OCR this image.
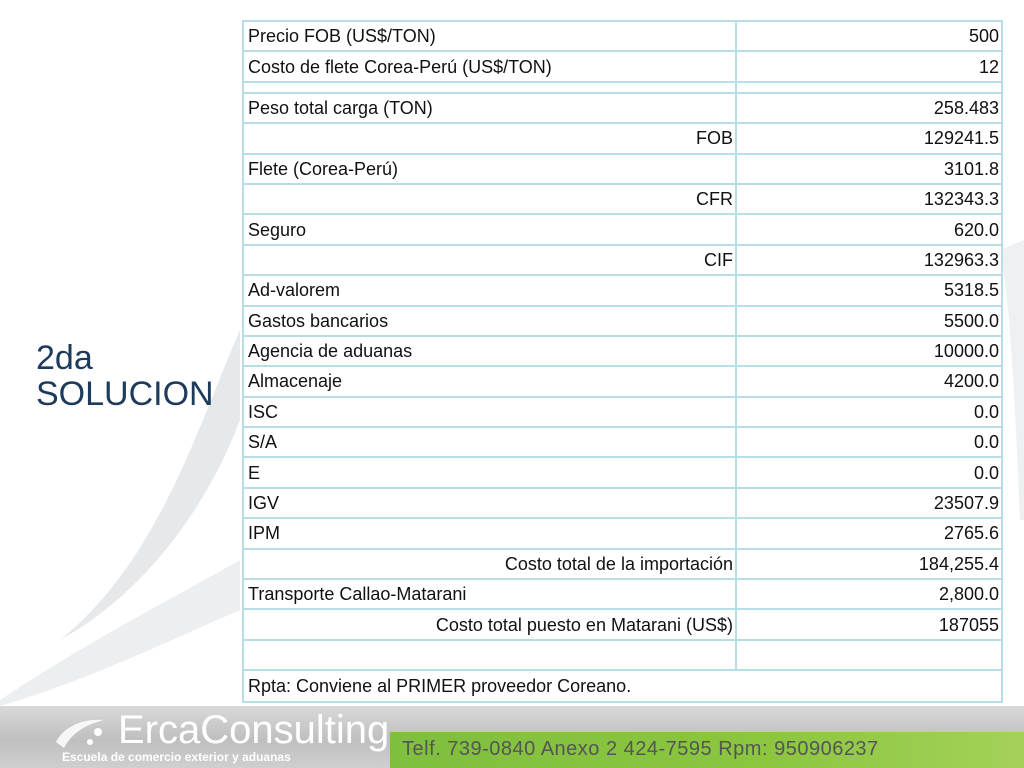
ErcaConsulting
Escuela de comercio exterior y aduanas	Telf. 739-0840 Anexo 2 424-7595 Rpm: 950906237
2da
SOLUCION
Precio FOB (US$/TON)	500
Costo de flete Corea-Perú (US$/TON)	12

Peso total carga (TON)	258.483
FOB	129241.5
Flete (Corea-Perú)	3101.8
CFR	132343.3
Seguro	620.0
CIF	132963.3
Ad-valorem	5318.5
Gastos bancarios	5500.0
Agencia de aduanas	10000.0
Almacenaje	4200.0
ISC	0.0
S/A	0.0
E	0.0
IGV	23507.9
IPM	2765.6
Costo total de la importación	184,255.4
Transporte Callao-Matarani	2,800.0
Costo total puesto en Matarani (US$)	187055

Rpta: Conviene al PRIMER proveedor Coreano.	
